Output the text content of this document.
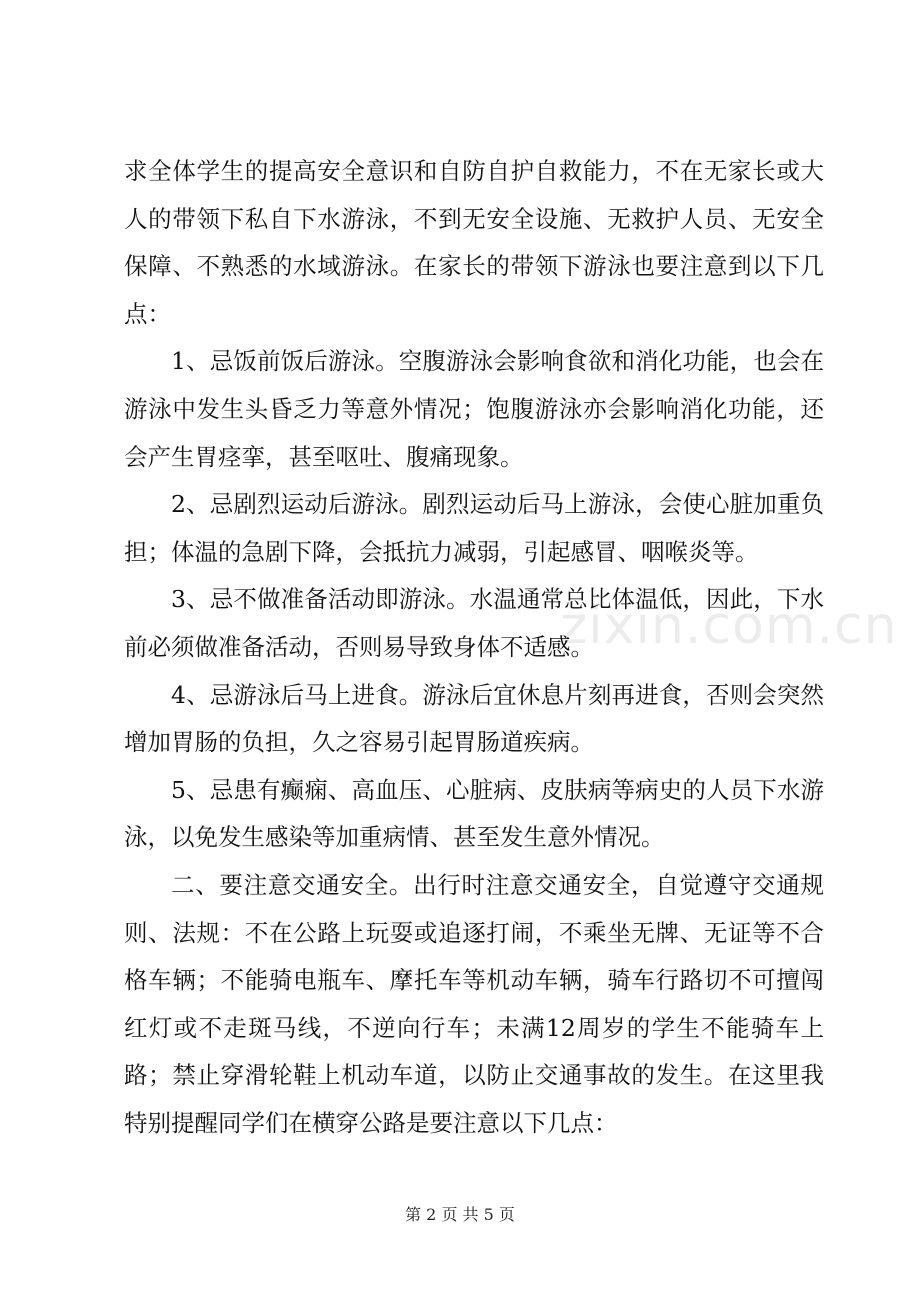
求全体学生的提高安全意识和自防自护自救能力，不在无家长或大人的带领下私自下水游泳，不到无安全设施、无救护人员、无安全保障、不熟悉的水域游泳。在家长的带领下游泳也要注意到以下几点：

1、忌饭前饭后游泳。空腹游泳会影响食欲和消化功能，也会在游泳中发生头昏乏力等意外情况；饱腹游泳亦会影响消化功能，还会产生胃痉挛，甚至呕吐、腹痛现象。

2、忌剧烈运动后游泳。剧烈运动后马上游泳，会使心脏加重负担；体温的急剧下降，会抵抗力减弱，引起感冒、咽喉炎等。

3、忌不做准备活动即游泳。水温通常总比体温低，因此，下水前必须做准备活动，否则易导致身体不适感。

4、忌游泳后马上进食。游泳后宜休息片刻再进食，否则会突然增加胃肠的负担，久之容易引起胃肠道疾病。

5、忌患有癫痫、高血压、心脏病、皮肤病等病史的人员下水游泳，以免发生感染等加重病情、甚至发生意外情况。

二、要注意交通安全。出行时注意交通安全，自觉遵守交通规则、法规：不在公路上玩耍或追逐打闹，不乘坐无牌、无证等不合格车辆；不能骑电瓶车、摩托车等机动车辆，骑车行路切不可擅闯红灯或不走斑马线，不逆向行车；未满12周岁的学生不能骑车上路；禁止穿滑轮鞋上机动车道，以防止交通事故的发生。在这里我特别提醒同学们在横穿公路是要注意以下几点：

zixin.com.cn
第 2 页 共 5 页
